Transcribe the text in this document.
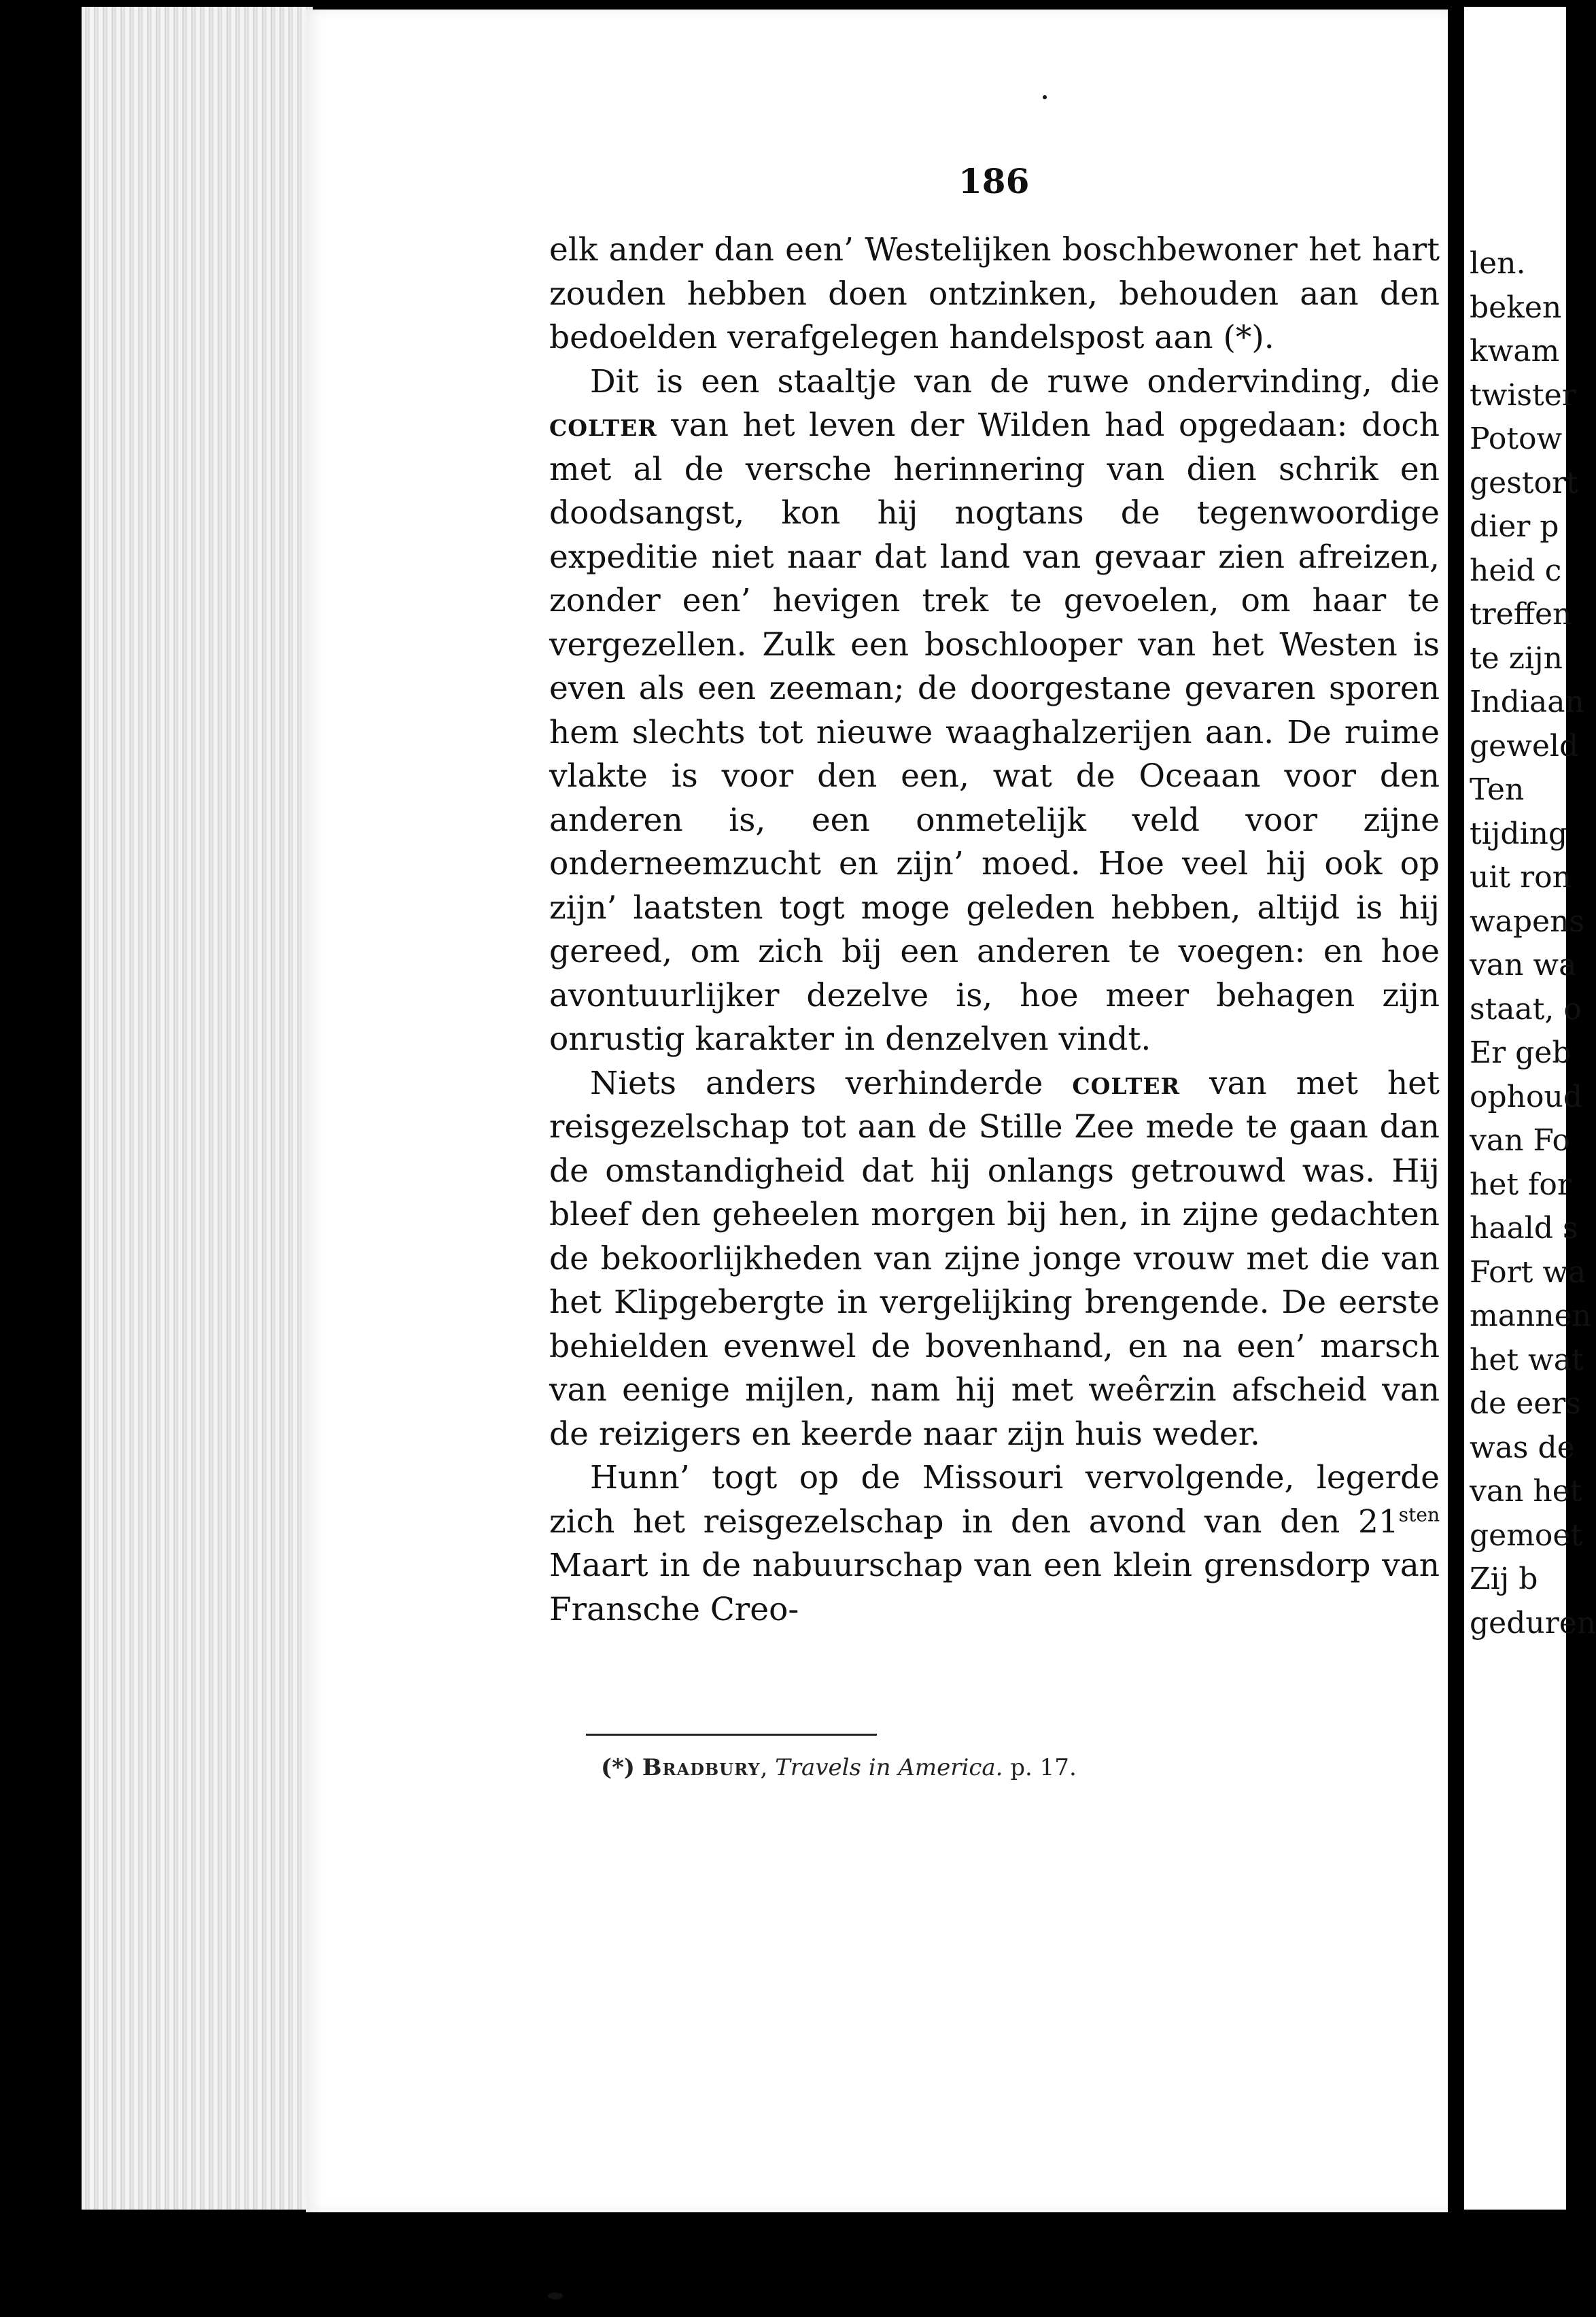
len.
beken
kwam
twister
Potow
gestort
dier p
heid c
treffen
te zijn
Indiaan
geweld
Ten
tijding
uit ron
wapens
van wa
staat, o
Er geb
ophoud
van Fo
het for
haald s
Fort wa
mannen
het wat
de eers
was de
van het
gemoet
Zij b
geduren
186

elk ander dan een’ Westelijken boschbewoner het hart zouden hebben doen ontzinken, behouden aan den bedoelden verafgelegen handelspost aan (*).

Dit is een staaltje van de ruwe ondervinding, die colter van het leven der Wilden had opgedaan: doch met al de versche herinnering van dien schrik en doodsangst, kon hij nogtans de tegenwoordige expeditie niet naar dat land van gevaar zien afreizen, zonder een’ hevigen trek te gevoelen, om haar te vergezellen. Zulk een boschlooper van het Westen is even als een zeeman; de doorgestane gevaren sporen hem slechts tot nieuwe waaghalzerijen aan. De ruime vlakte is voor den een, wat de Oceaan voor den anderen is, een onmetelijk veld voor zijne onderneemzucht en zijn’ moed. Hoe veel hij ook op zijn’ laatsten togt moge geleden hebben, altijd is hij gereed, om zich bij een anderen te voegen: en hoe avontuurlijker dezelve is, hoe meer behagen zijn onrustig karakter in denzelven vindt.

Niets anders verhinderde colter van met het reisgezelschap tot aan de Stille Zee mede te gaan dan de omstandigheid dat hij onlangs getrouwd was. Hij bleef den geheelen morgen bij hen, in zijne gedachten de bekoorlijkheden van zijne jonge vrouw met die van het Klipgebergte in vergelijking brengende. De eerste behielden evenwel de bovenhand, en na een’ marsch van eenige mijlen, nam hij met weêrzin afscheid van de reizigers en keerde naar zijn huis weder.

Hunn’ togt op de Missouri vervolgende, legerde zich het reisgezelschap in den avond van den $21^{sten}$ Maart in de nabuurschap van een klein grensdorp van Fransche Creo-

(*) Bradbury, Travels in America. p. 17.
